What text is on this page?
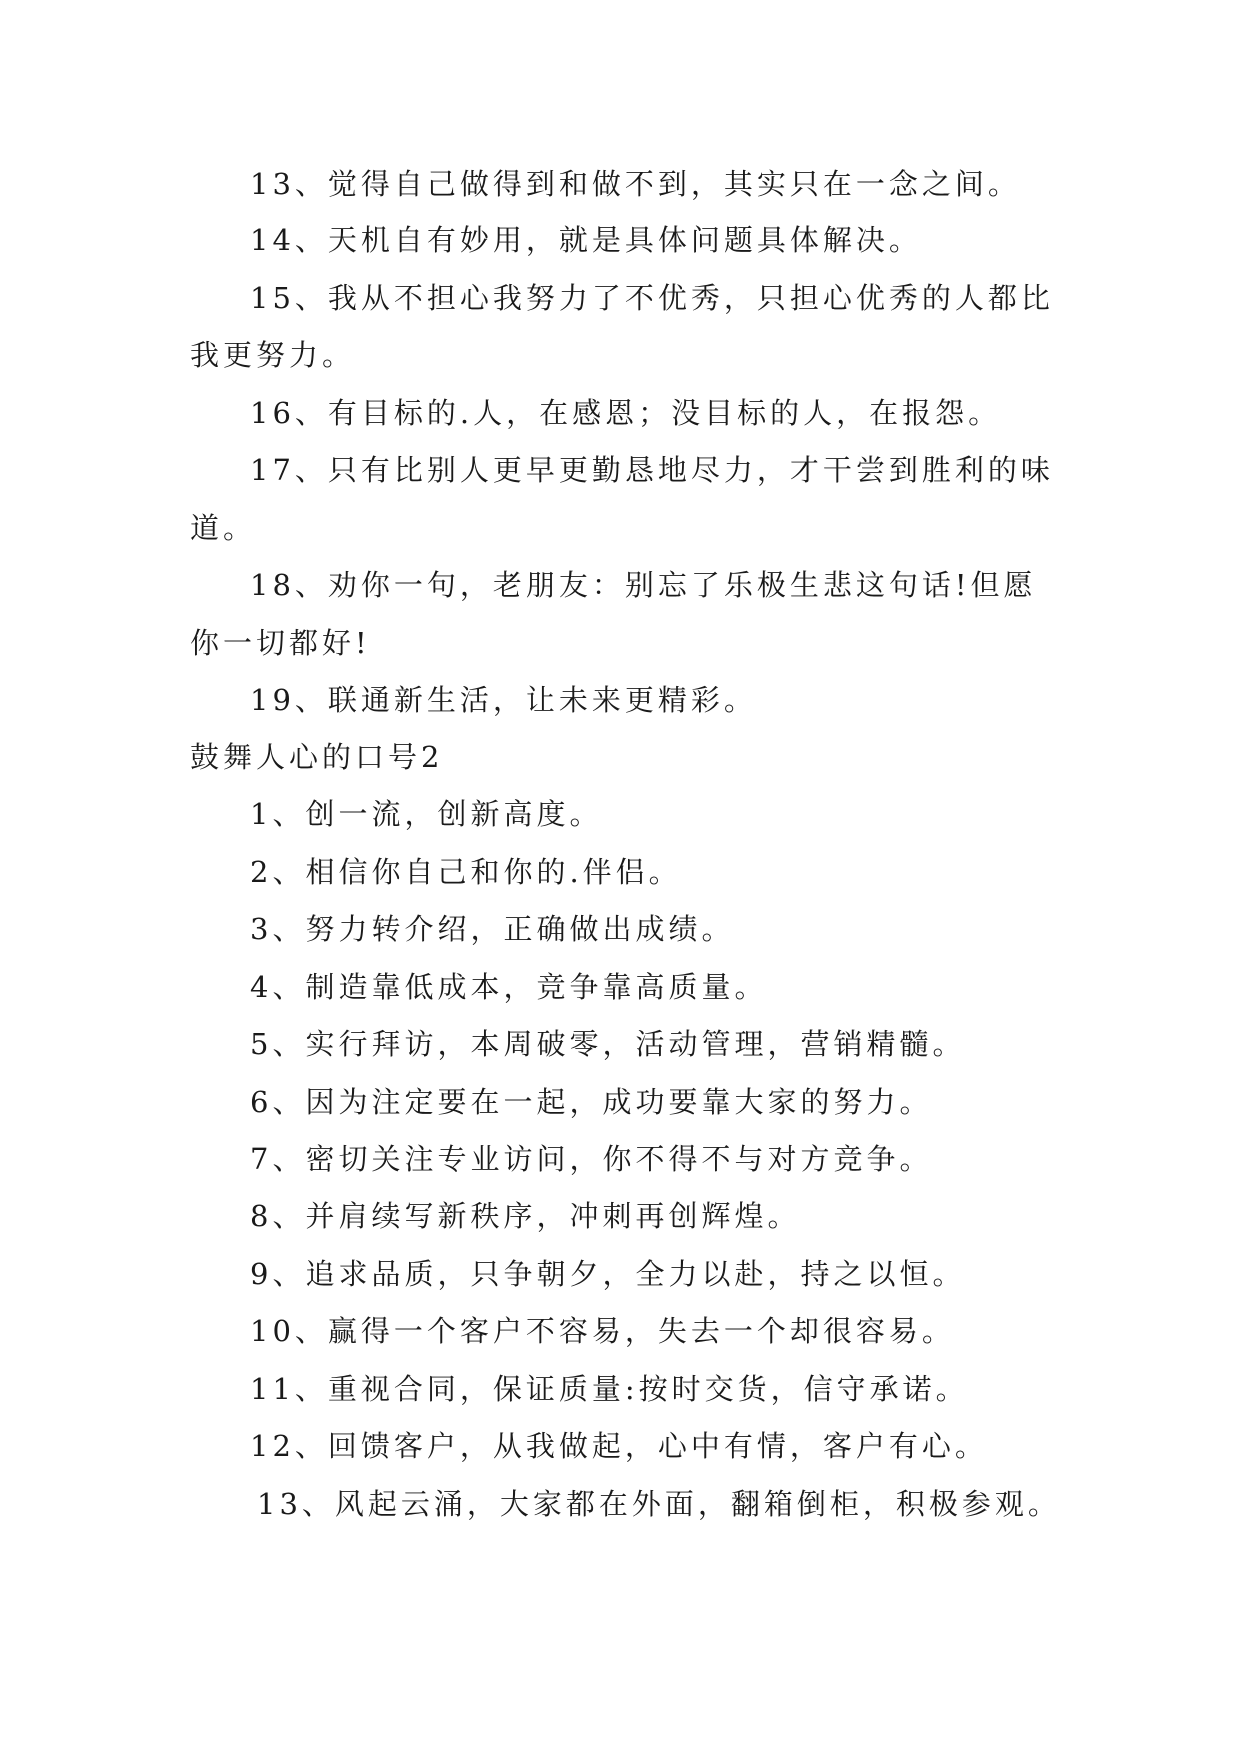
13、觉得自己做得到和做不到，其实只在一念之间。
14、天机自有妙用，就是具体问题具体解决。
15、我从不担心我努力了不优秀，只担心优秀的人都比
我更努力。
16、有目标的.人，在感恩；没目标的人，在报怨。
17、只有比别人更早更勤恳地尽力，才干尝到胜利的味
道。
18、劝你一句，老朋友：别忘了乐极生悲这句话!但愿
你一切都好!
19、联通新生活，让未来更精彩。
鼓舞人心的口号2
1、创一流，创新高度。
2、相信你自己和你的.伴侣。
3、努力转介绍，正确做出成绩。
4、制造靠低成本，竞争靠高质量。
5、实行拜访，本周破零，活动管理，营销精髓。
6、因为注定要在一起，成功要靠大家的努力。
7、密切关注专业访问，你不得不与对方竞争。
8、并肩续写新秩序，冲刺再创辉煌。
9、追求品质，只争朝夕，全力以赴，持之以恒。
10、赢得一个客户不容易，失去一个却很容易。
11、重视合同，保证质量:按时交货，信守承诺。
12、回馈客户，从我做起，心中有情，客户有心。
13、风起云涌，大家都在外面，翻箱倒柜，积极参观。
